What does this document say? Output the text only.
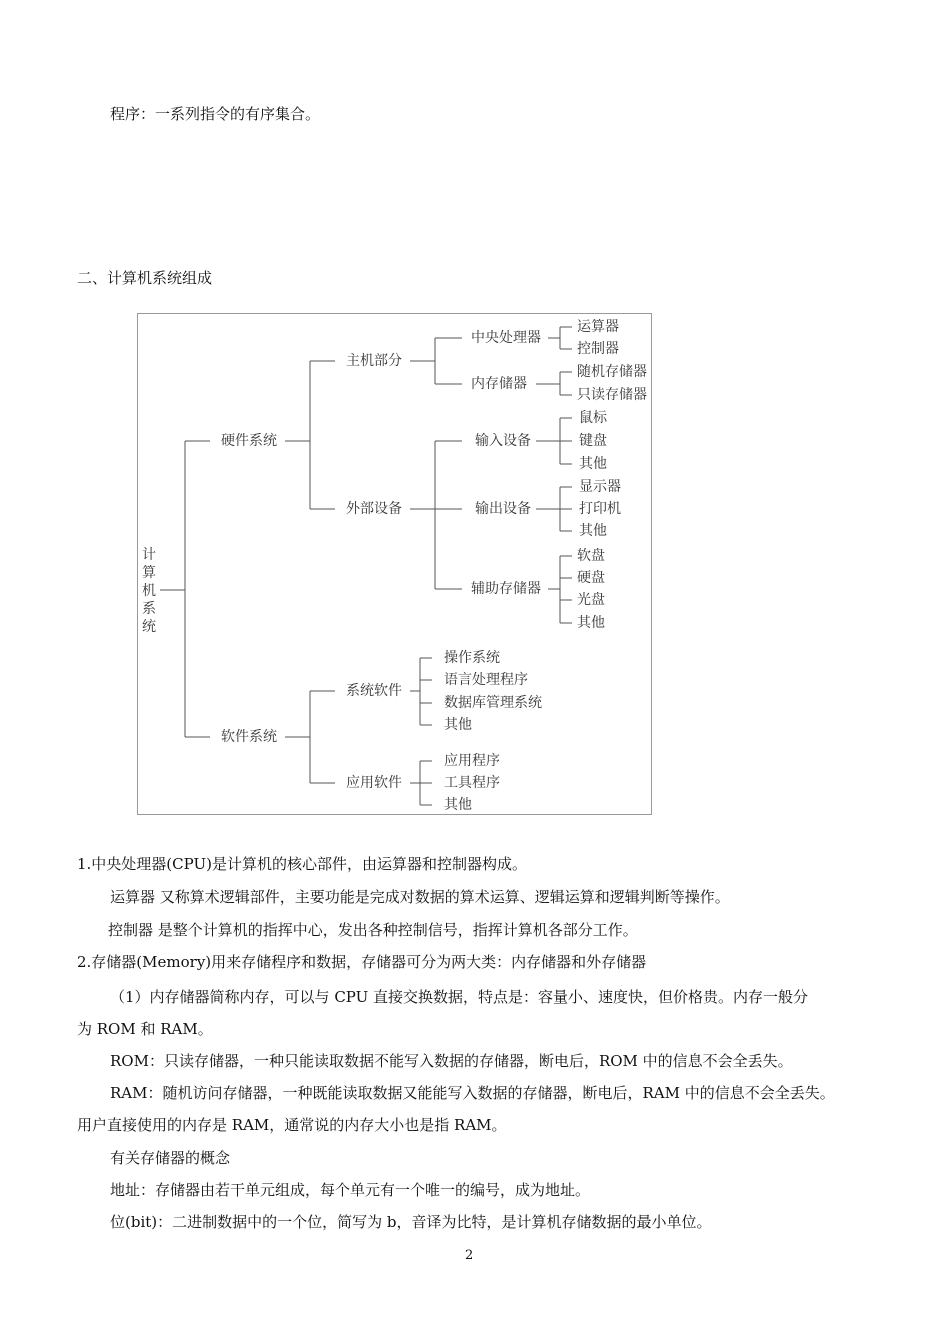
程序：一系列指令的有序集合。
二、计算机系统组成
计算机系统
硬件系统
主机部分
中央处理器
运算器
控制器
内存储器
随机存储器
只读存储器
外部设备
输入设备
鼠标
键盘
其他
输出设备
显示器
打印机
其他
辅助存储器
软盘
硬盘
光盘
其他
软件系统
系统软件
操作系统
语言处理程序
数据库管理系统
其他
应用软件
应用程序
工具程序
其他
1.中央处理器(CPU)是计算机的核心部件，由运算器和控制器构成。
运算器 又称算术逻辑部件，主要功能是完成对数据的算术运算、逻辑运算和逻辑判断等操作。
控制器 是整个计算机的指挥中心，发出各种控制信号，指挥计算机各部分工作。
2.存储器(Memory)用来存储程序和数据，存储器可分为两大类：内存储器和外存储器
（1）内存储器简称内存，可以与 CPU 直接交换数据，特点是：容量小、速度快，但价格贵。内存一般分
为 ROM 和 RAM。
ROM：只读存储器，一种只能读取数据不能写入数据的存储器，断电后，ROM 中的信息不会全丢失。
RAM：随机访问存储器，一种既能读取数据又能能写入数据的存储器，断电后，RAM 中的信息不会全丢失。
用户直接使用的内存是 RAM，通常说的内存大小也是指 RAM。
有关存储器的概念
地址：存储器由若干单元组成，每个单元有一个唯一的编号，成为地址。
位(bit)：二进制数据中的一个位，简写为 b，音译为比特，是计算机存储数据的最小单位。
2
